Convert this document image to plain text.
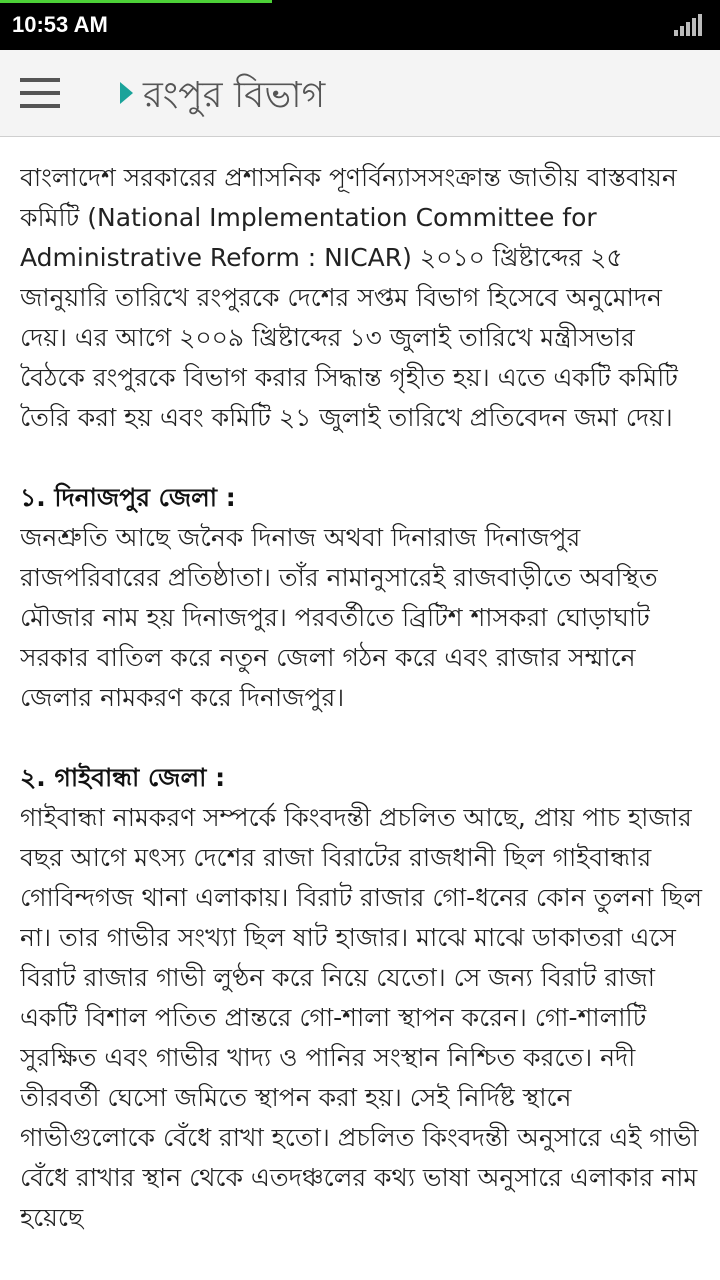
10:53 AM
রংপুর বিভাগ

বাংলাদেশ সরকারের প্রশাসনিক পূণর্বিন্যাসসংক্রান্ত জাতীয় বাস্তবায়ন কমিটি (National Implementation Committee for Administrative Reform : NICAR) ২০১০ খ্রিষ্টাব্দের ২৫ জানুয়ারি তারিখে রংপুরকে দেশের সপ্তম বিভাগ হিসেবে অনুমোদন দেয়। এর আগে ২০০৯ খ্রিষ্টাব্দের ১৩ জুলাই তারিখে মন্ত্রীসভার বৈঠকে রংপুরকে বিভাগ করার সিদ্ধান্ত গৃহীত হয়। এতে একটি কমিটি তৈরি করা হয় এবং কমিটি ২১ জুলাই তারিখে প্রতিবেদন জমা দেয়।

১. দিনাজপুর জেলা :

জনশ্রুতি আছে জনৈক দিনাজ অথবা দিনারাজ দিনাজপুর রাজপরিবারের প্রতিষ্ঠাতা। তাঁর নামানুসারেই রাজবাড়ীতে অবস্থিত মৌজার নাম হয় দিনাজপুর। পরবর্তীতে ব্রিটিশ শাসকরা ঘোড়াঘাট সরকার বাতিল করে নতুন জেলা গঠন করে এবং রাজার সম্মানে জেলার নামকরণ করে দিনাজপুর।

২. গাইবান্ধা জেলা :

গাইবান্ধা নামকরণ সম্পর্কে কিংবদন্তী প্রচলিত আছে, প্রায় পাচ হাজার বছর আগে মৎস্য দেশের রাজা বিরাটের রাজধানী ছিল গাইবান্ধার গোবিন্দগজ থানা এলাকায়। বিরাট রাজার গো-ধনের কোন তুলনা ছিল না। তার গাভীর সংখ্যা ছিল ষাট হাজার। মাঝে মাঝে ডাকাতরা এসে বিরাট রাজার গাভী লুণ্ঠন করে নিয়ে যেতো। সে জন্য বিরাট রাজা একটি বিশাল পতিত প্রান্তরে গো-শালা স্থাপন করেন। গো-শালাটি সুরক্ষিত এবং গাভীর খাদ্য ও পানির সংস্থান নিশ্চিত করতে। নদী তীরবর্তী ঘেসো জমিতে স্থাপন করা হয়। সেই নির্দিষ্ট স্থানে গাভীগুলোকে বেঁধে রাখা হতো। প্রচলিত কিংবদন্তী অনুসারে এই গাভী বেঁধে রাখার স্থান থেকে এতদঞ্চলের কথ্য ভাষা অনুসারে এলাকার নাম হয়েছে
